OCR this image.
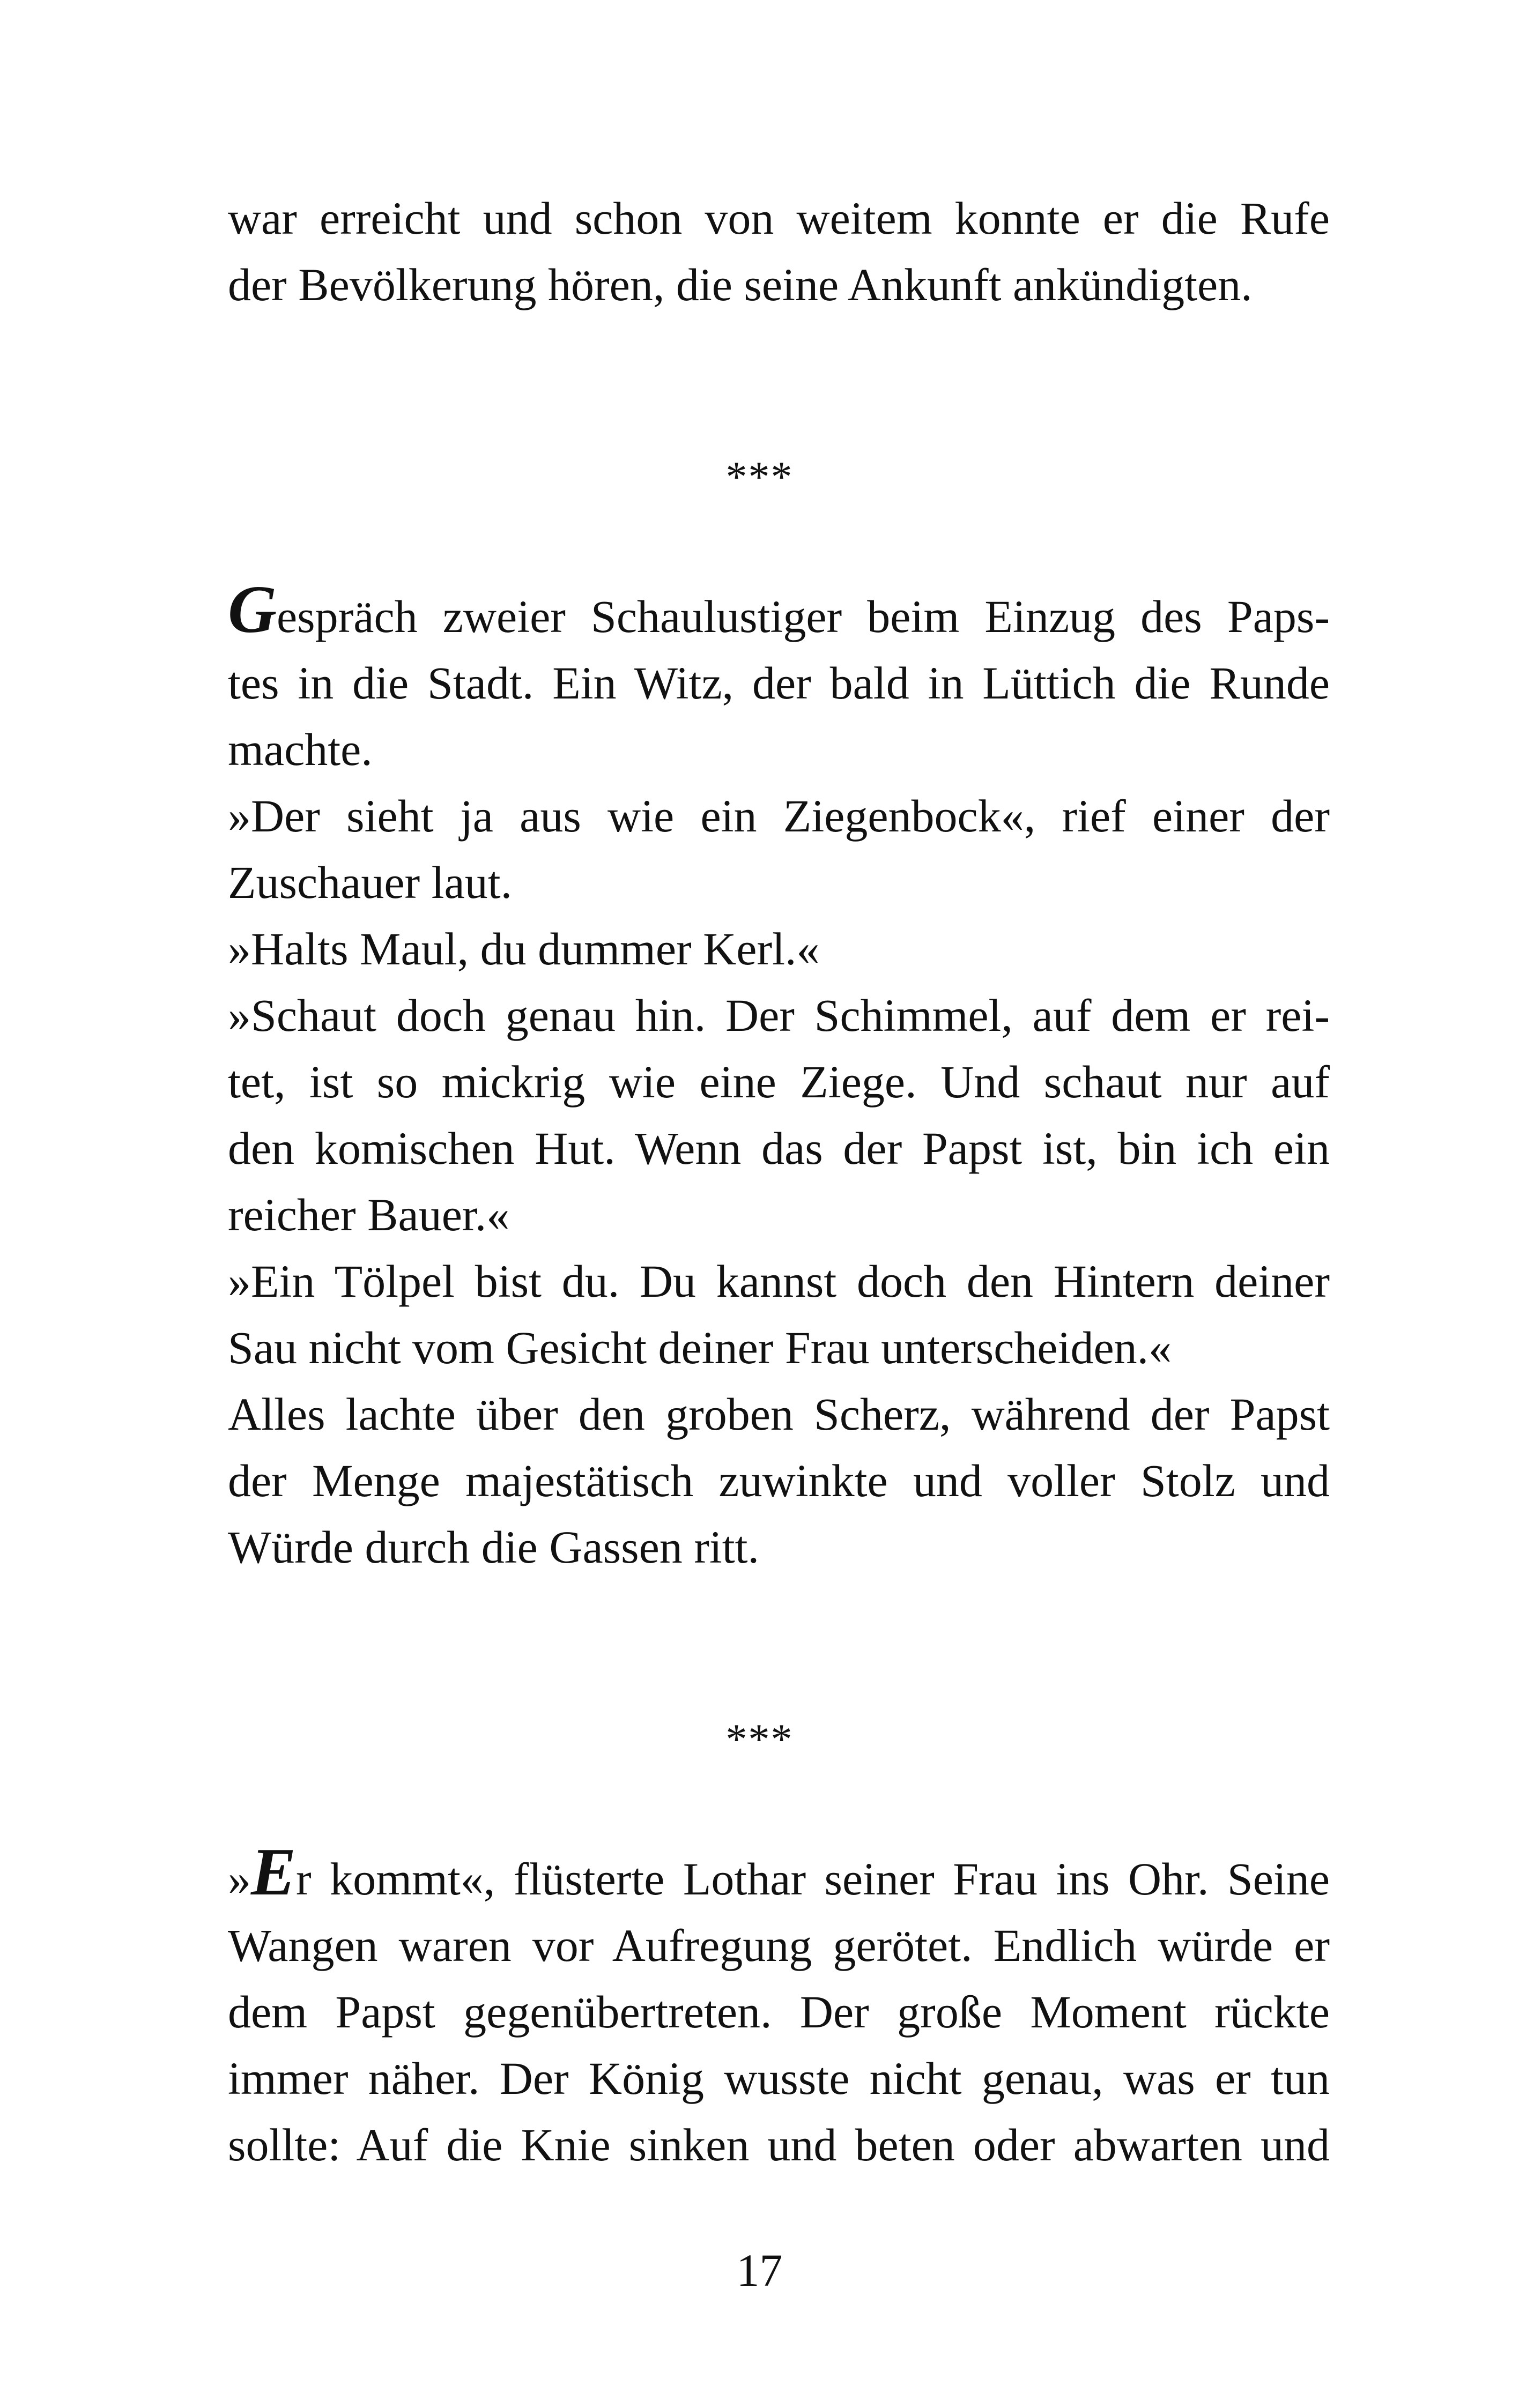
war erreicht und schon von weitem konnte er die Rufe
der Bevölkerung hören, die seine Ankunft ankündigten.
***
Gespräch zweier Schaulustiger beim Einzug des Paps-
tes in die Stadt. Ein Witz, der bald in Lüttich die Runde
machte.
»Der sieht ja aus wie ein Ziegenbock«, rief einer der
Zuschauer laut.
»Halts Maul, du dummer Kerl.«
»Schaut doch genau hin. Der Schimmel, auf dem er rei-
tet, ist so mickrig wie eine Ziege. Und schaut nur auf
den komischen Hut. Wenn das der Papst ist, bin ich ein
reicher Bauer.«
»Ein Tölpel bist du. Du kannst doch den Hintern deiner
Sau nicht vom Gesicht deiner Frau unterscheiden.«
Alles lachte über den groben Scherz, während der Papst
der Menge majestätisch zuwinkte und voller Stolz und
Würde durch die Gassen ritt.
***
»Er kommt«, flüsterte Lothar seiner Frau ins Ohr. Seine
Wangen waren vor Aufregung gerötet. Endlich würde er
dem Papst gegenübertreten. Der große Moment rückte
immer näher. Der König wusste nicht genau, was er tun
sollte: Auf die Knie sinken und beten oder abwarten und
17
